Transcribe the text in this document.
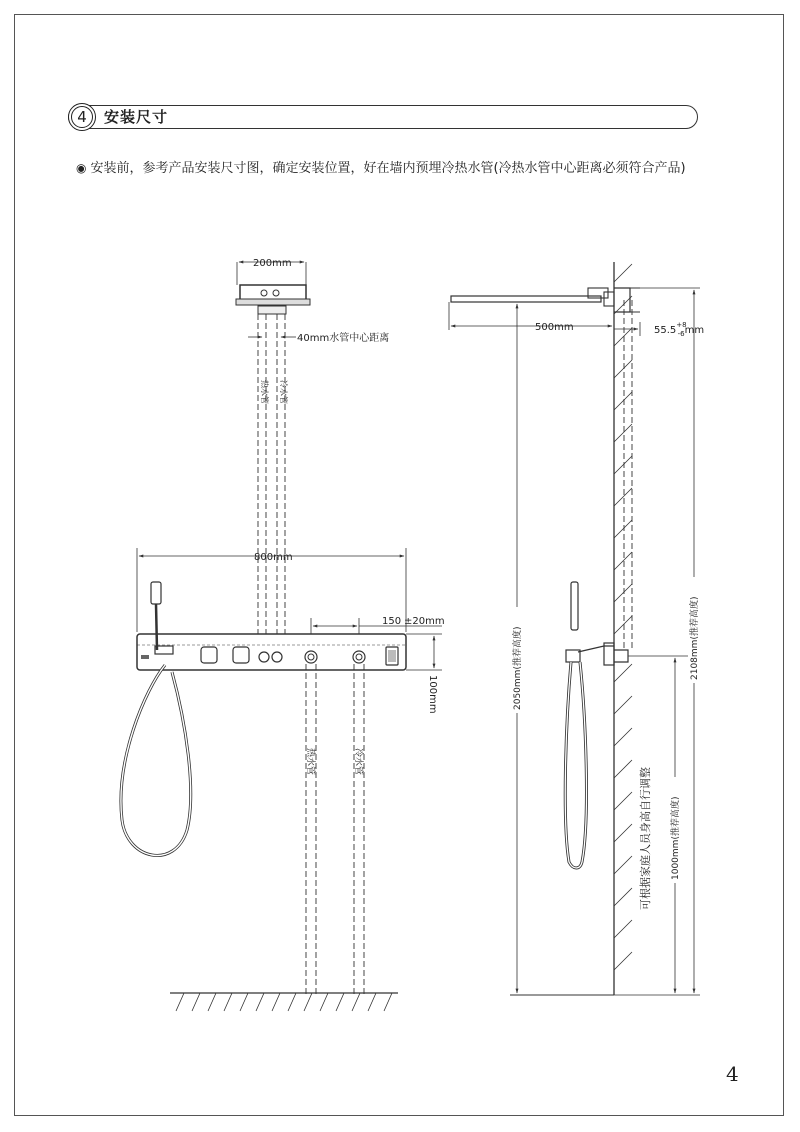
4	安装尺寸
◉ 安装前，参考产品安装尺寸图，确定安装位置，好在墙内预埋冷热水管(冷热水管中心距离必须符合产品)
200mm
40mm水管中心距离
热水管 冷水管
800mm
150 ±20mm
100mm
热水管	冷水管
500mm	$55.5^{+8}$ -6mm
2050mm(推荐高度)	2108mm(推荐高度)
1000mm(推荐高度)
可根据家庭人员身高自行调整
4
